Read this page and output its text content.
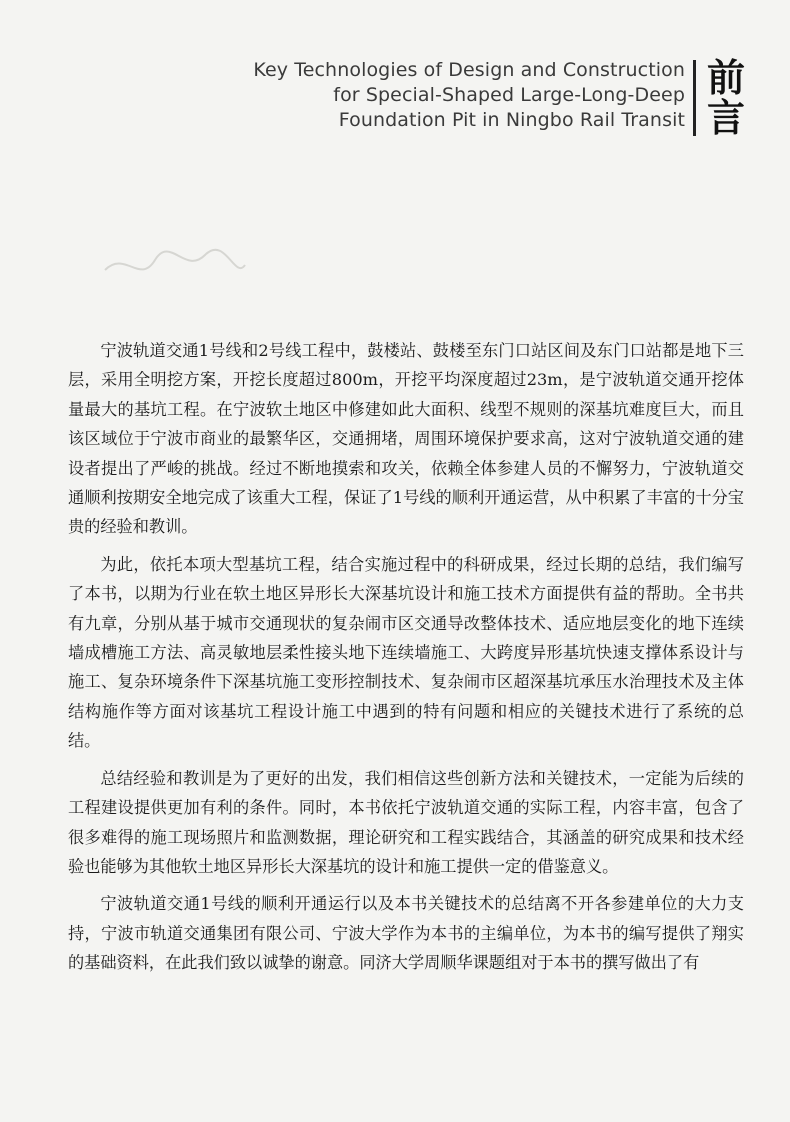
Key Technologies of Design and Construction
for Special-Shaped Large-Long-Deep
Foundation Pit in Ningbo Rail Transit
前
言

宁波轨道交通1号线和2号线工程中，鼓楼站、鼓楼至东门口站区间及东门口站都是地下三层，采用全明挖方案，开挖长度超过800m，开挖平均深度超过23m，是宁波轨道交通开挖体量最大的基坑工程。在宁波软土地区中修建如此大面积、线型不规则的深基坑难度巨大，而且该区域位于宁波市商业的最繁华区，交通拥堵，周围环境保护要求高，这对宁波轨道交通的建设者提出了严峻的挑战。经过不断地摸索和攻关，依赖全体参建人员的不懈努力，宁波轨道交通顺利按期安全地完成了该重大工程，保证了1号线的顺利开通运营，从中积累了丰富的十分宝贵的经验和教训。

为此，依托本项大型基坑工程，结合实施过程中的科研成果，经过长期的总结，我们编写了本书，以期为行业在软土地区异形长大深基坑设计和施工技术方面提供有益的帮助。全书共有九章，分别从基于城市交通现状的复杂闹市区交通导改整体技术、适应地层变化的地下连续墙成槽施工方法、高灵敏地层柔性接头地下连续墙施工、大跨度异形基坑快速支撑体系设计与施工、复杂环境条件下深基坑施工变形控制技术、复杂闹市区超深基坑承压水治理技术及主体结构施作等方面对该基坑工程设计施工中遇到的特有问题和相应的关键技术进行了系统的总结。

总结经验和教训是为了更好的出发，我们相信这些创新方法和关键技术，一定能为后续的工程建设提供更加有利的条件。同时，本书依托宁波轨道交通的实际工程，内容丰富，包含了很多难得的施工现场照片和监测数据，理论研究和工程实践结合，其涵盖的研究成果和技术经验也能够为其他软土地区异形长大深基坑的设计和施工提供一定的借鉴意义。

宁波轨道交通1号线的顺利开通运行以及本书关键技术的总结离不开各参建单位的大力支持，宁波市轨道交通集团有限公司、宁波大学作为本书的主编单位，为本书的编写提供了翔实的基础资料，在此我们致以诚挚的谢意。同济大学周顺华课题组对于本书的撰写做出了有
